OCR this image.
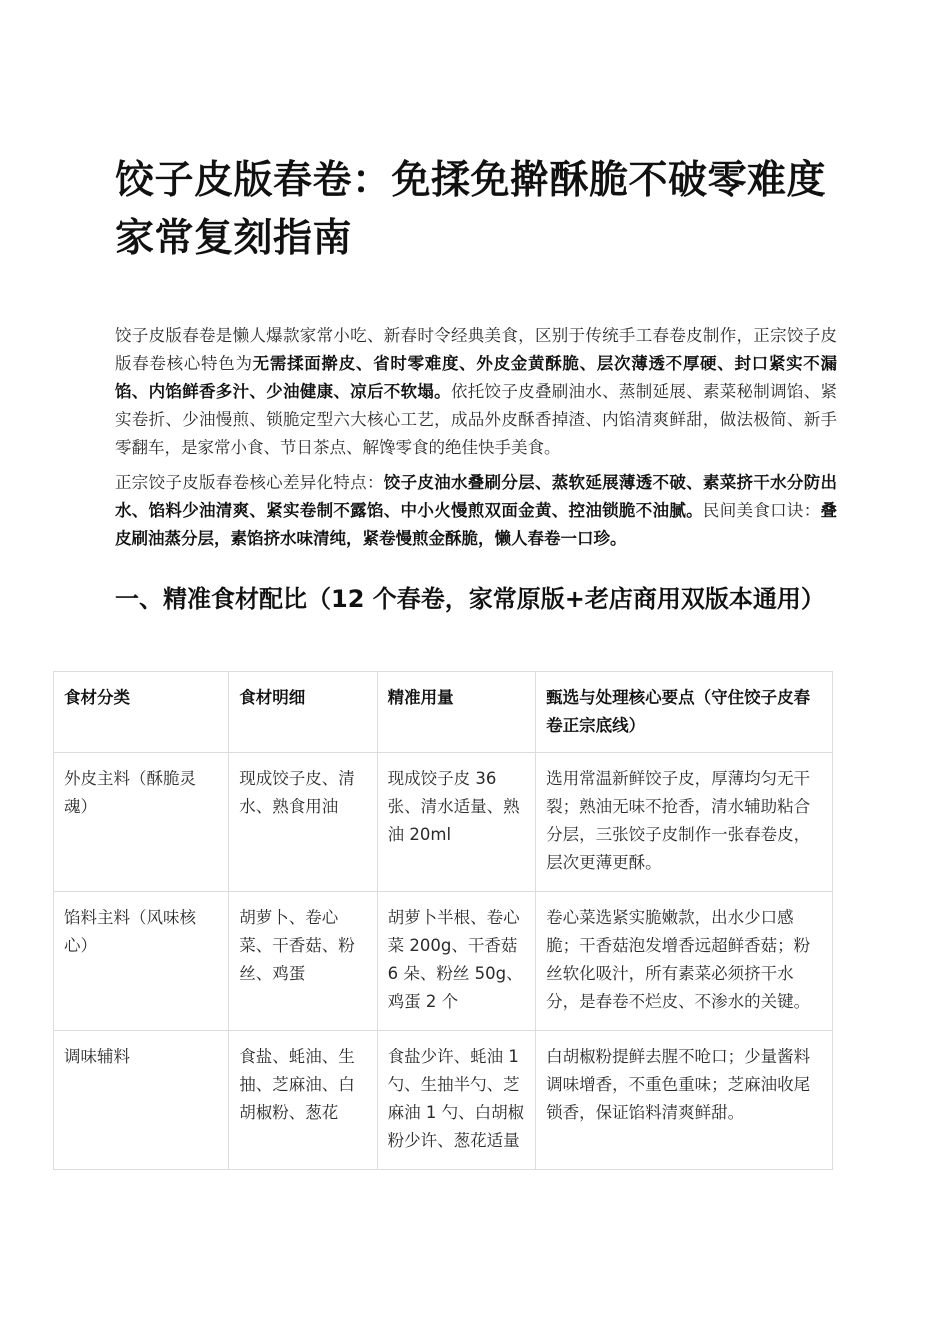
饺子皮版春卷：免揉免擀酥脆不破零难度家常复刻指南

饺子皮版春卷是懒人爆款家常小吃、新春时令经典美食，区别于传统手工春卷皮制作，正宗饺子皮版春卷核心特色为无需揉面擀皮、省时零难度、外皮金黄酥脆、层次薄透不厚硬、封口紧实不漏馅、内馅鲜香多汁、少油健康、凉后不软塌。依托饺子皮叠刷油水、蒸制延展、素菜秘制调馅、紧实卷折、少油慢煎、锁脆定型六大核心工艺，成品外皮酥香掉渣、内馅清爽鲜甜，做法极简、新手零翻车，是家常小食、节日茶点、解馋零食的绝佳快手美食。

正宗饺子皮版春卷核心差异化特点：饺子皮油水叠刷分层、蒸软延展薄透不破、素菜挤干水分防出水、馅料少油清爽、紧实卷制不露馅、中小火慢煎双面金黄、控油锁脆不油腻。民间美食口诀：叠皮刷油蒸分层，素馅挤水味清纯，紧卷慢煎金酥脆，懒人春卷一口珍。

一、精准食材配比（12 个春卷，家常原版+老店商用双版本通用）
食材分类	食材明细	精准用量	甄选与处理核心要点（守住饺子皮春卷正宗底线）
外皮主料（酥脆灵魂）	现成饺子皮、清水、熟食用油	现成饺子皮 36 张、清水适量、熟油 20ml	选用常温新鲜饺子皮，厚薄均匀无干裂；熟油无味不抢香，清水辅助粘合分层，三张饺子皮制作一张春卷皮，层次更薄更酥。
馅料主料（风味核心）	胡萝卜、卷心菜、干香菇、粉丝、鸡蛋	胡萝卜半根、卷心菜 200g、干香菇 6 朵、粉丝 50g、鸡蛋 2 个	卷心菜选紧实脆嫩款，出水少口感脆；干香菇泡发增香远超鲜香菇；粉丝软化吸汁，所有素菜必须挤干水分，是春卷不烂皮、不渗水的关键。
调味辅料	食盐、蚝油、生抽、芝麻油、白胡椒粉、葱花	食盐少许、蚝油 1 勺、生抽半勺、芝麻油 1 勺、白胡椒粉少许、葱花适量	白胡椒粉提鲜去腥不呛口；少量酱料调味增香，不重色重味；芝麻油收尾锁香，保证馅料清爽鲜甜。
